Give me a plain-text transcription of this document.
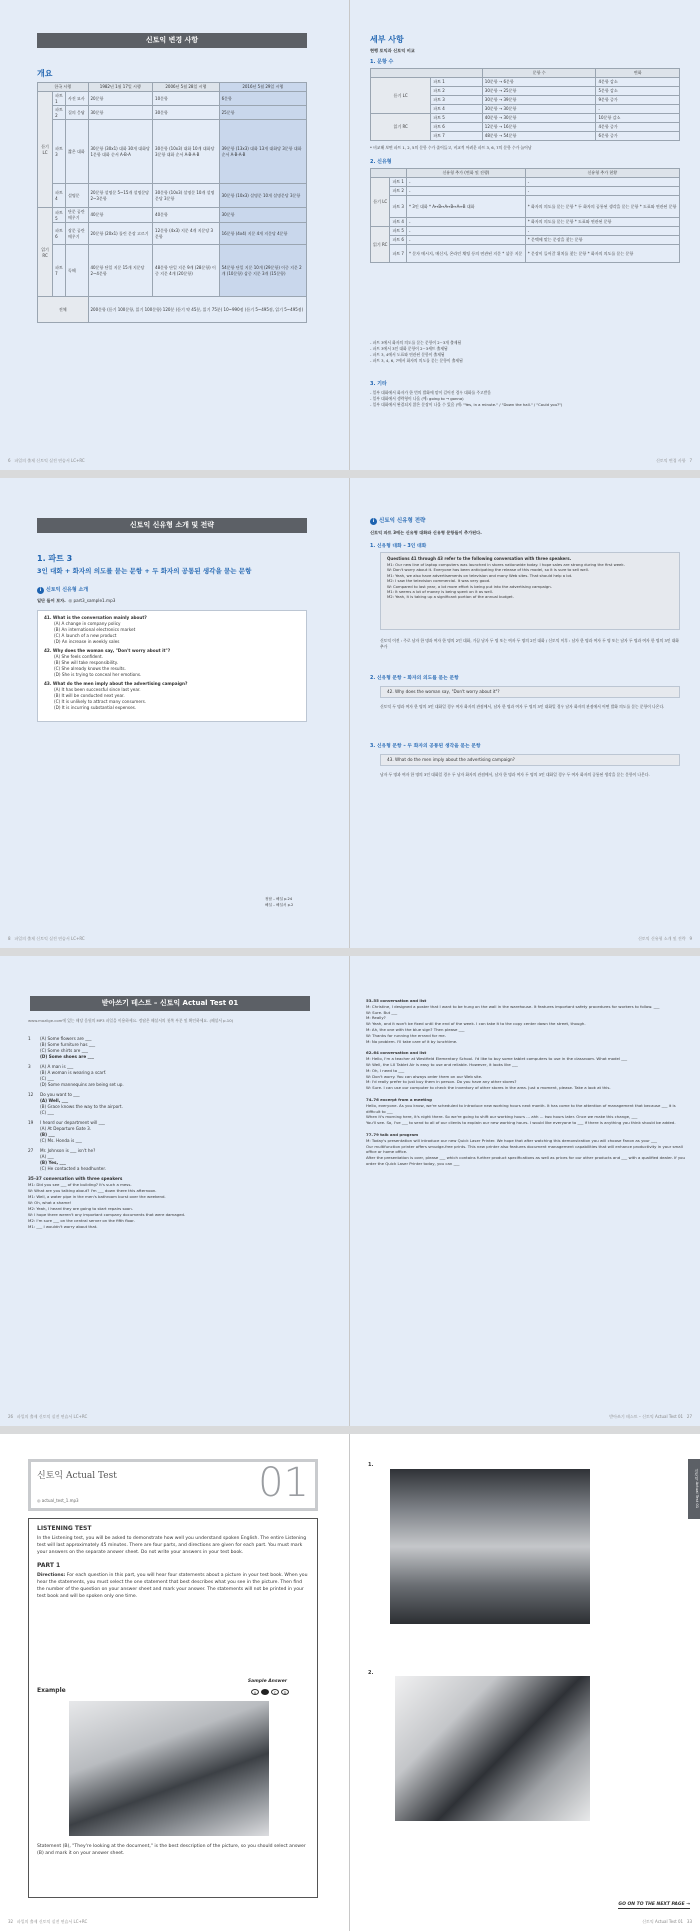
신토익 변경 사항
개요
한국 시행			1982년 1월 17일 시행	2006년 5월 28일 시행	2016년 5월 29일 시행
듣기 LC	파트 1	사진 묘사	20문항	10문항	6문항
	파트 2	질의 응답	30문항	30문항	25문항
	파트 3	짧은 대화	30문항 (30x1) 대화 30개 대화당 1문항 대화 순서 A-B-A	30문항 (10x3) 대화 10개 대화당 3문항 대화 순서 A-B-A-B	39문항 (13x3) 대화 13개 대화당 3문항 대화 순서 A-B-A-B
	파트 4	설명문	20문항 설명문 5~15개 설명문당 2~3문항	30문항 (10x3) 설명문 10개 설명문당 3문항	30문항 (10x3) 설명문 10개 설명문당 3문항

읽기 RC	파트 5	단문 공란 메우기	40문항	40문항	30문항
	파트 6	장문 공란 메우기	20문항 (20x1) 틀린 문장 고르기	12문항 (4x3) 지문 4개 지문당 3문항	16문항 (4x4) 지문 4개 지문당 4문항
	파트 7	독해	40문항 단일 지문 15개 지문당 2~4문항	48문항 단일 지문 9개 (28문항) 이중 지문 4개 (20문항)	54문항 단일 지문 10개 (29문항) 이중 지문 2개 (10문항) 삼중 지문 3개 (15문항)
전체			200문항 (듣기 100문항, 읽기 100문항) 120분 (듣기 약 45분, 읽기 75분) 10~990점 (듣기 5~495점, 읽기 5~495점)		
6 파일의 출제 신토익 실전 연습서 LC+RC
세부 사항
현행 토익과 신토익 비교
1. 문항 수
		문항 수	변화
듣기 LC	파트 1	10문항 → 6문항	4문항 감소
	파트 2	30문항 → 25문항	5문항 감소
	파트 3	30문항 → 39문항	9문항 증가
	파트 4	30문항 → 30문항	-
읽기 RC	파트 5	40문항 → 30문항	10문항 감소
	파트 6	12문항 → 16문항	4문항 증가
	파트 7	48문항 → 54문항	6문항 증가
* 비교해 보면 파트 1, 2, 5의 문항 수가 줄어들고, 비교적 어려운 파트 3, 6, 7의 문항 수가 늘어남
2. 신유형
		신유형 추가 (변화 및 진행)	신유형 추가 현황
듣기 LC	파트 1	-	-
	파트 2	-	-
	파트 3	* 3인 대화 * A↔B↔A↔B↔A↔B 대화	* 화자의 의도를 묻는 문항 * 두 화자의 공통된 생각을 묻는 문항 * 도표와 연관된 문항
	파트 4	-	* 화자의 의도를 묻는 문항 * 도표와 연관된 문항
읽기 RC	파트 5	-	-
	파트 6	-	* 문맥에 맞는 문장을 찾는 문항
	파트 7	* 문자 메시지, 메신저, 온라인 채팅 등의 연관된 지문 * 삼중 지문	* 문장이 들어갈 위치를 찾는 문항 * 화자의 의도를 묻는 문항
- 파트 3에서 화자의 의도를 묻는 문항이 2~3개 출제됨
- 파트 3에서 3인 대화 문항이 2~3세트 출제됨
- 파트 3, 4에서 도표와 연관된 문항이 출제됨
- 파트 3, 4, 6, 7에서 화자의 의도를 묻는 문항이 출제됨
3. 기타
- 일부 대화에서 화자가 한 번의 발화에 말이 길어진 경우 대화를 주고받음
- 일부 대화에서 생략형이 나옴 (예: going to → gonna)
- 일부 대화에서 완결되지 않은 문장이 나올 수 있음 (예: "Yes, in a minute." / "Down the hall." / "Could you?")
신토익 변경 사항 7
신토익 신유형 소개 및 전략
1. 파트 3
3인 대화 + 화자의 의도를 묻는 문항 + 두 화자의 공통된 생각을 묻는 문항
i 신토익 신유형 소개
일단 들어 보자. ◎ part3_sample1.mp3
41. What is the conversation mainly about?
(A) A change in company policy
(B) An international electronics market
(C) A launch of a new product
(D) An increase in weekly sales
42. Why does the woman say, "Don't worry about it"?
(A) She feels confident.
(B) She will take responsibility.
(C) She already knows the results.
(D) She is trying to conceal her emotions.
43. What do the men imply about the advertising campaign?
(A) It has been successful since last year.
(B) It will be conducted next year.
(C) It is unlikely to attract many consumers.
(D) It is incurring substantial expenses.
정답 – 해설 p.24
해설 – 해설서 p.2
8 파일의 출제 신토익 실전 연습서 LC+RC
i 신토익 신유형 전략
신토익 파트 3에는 신유형 대화와 신유형 문항들이 추가된다.
1. 신유형 대화 – 3인 대화
Questions 41 through 43 refer to the following conversation with three speakers.
M1: Our new line of laptop computers was launched in stores nationwide today. I hope sales are strong during the first week.
W: Don't worry about it. Everyone has been anticipating the release of this model, so it is sure to sell well.
M1: Yeah, we also have advertisements on television and many Web sites. That should help a lot.
M2: I saw the television commercial. It was very good.
W: Compared to last year, a lot more effort is being put into the advertising campaign.
M1: It seems a lot of money is being spent on it as well.
M2: Yeah, it is taking up a significant portion of the annual budget.
신토익 이전 : 주로 남자 한 명과 여자 한 명의 2인 대화, 가끔 남자 두 명 또는 여자 두 명의 2인 대화 / 신토익 이후 : 남자 한 명과 여자 두 명 또는 남자 두 명과 여자 한 명의 3인 대화 추가
2. 신유형 문항 – 화자의 의도를 묻는 문항
42. Why does the woman say, "Don't worry about it"?
신토익 두 명과 여자 한 명의 3인 대화일 경우 여자 화자의 관점에서, 남자 한 명과 여자 두 명의 3인 대화일 경우 남자 화자의 관점에서 어떤 발화 의도를 묻는 문항이 나온다.
3. 신유형 문항 – 두 화자의 공통된 생각을 묻는 문항
43. What do the men imply about the advertising campaign?
남자 두 명과 여자 한 명의 3인 대화일 경우 두 남자 화자의 관점에서, 남자 한 명과 여자 두 명의 3인 대화일 경우 두 여자 화자의 공통된 생각을 묻는 문항이 나온다.
신토익 신유형 소개 및 전략 9
받아쓰기 테스트 – 신토익 Actual Test 01
www.mozilge.com에 있는 해당 음원의 MP3 파일을 이용하세요. 정답은 해설서의 첫쪽 부분 및 확인하세요. (해설서 p.10)
1	(A) Some flowers are ___
(B) Some furniture has ___
(C) Some shirts are ___
(D) Some shoes are ___
3	(A) A man is ___
(B) A woman is wearing a scarf.
(C) ___
(D) Some mannequins are being set up.
12	Do you want to ___
(A) Well, ___
(B) Grace knows the way to the airport.
(C) ___
19	I heard our department will ___
(A) At Departure Gate 3.
(B) ___
(C) Ms. Honda is ___
27	Mr. Johnson is ___ isn't he?
(A) ___
(B) Yes, ___
(C) He contacted a headhunter.
35–37 conversation with three speakers
M1: Did you see ___ of the building? It's such a mess.
W: What are you talking about? I'm ___ down there this afternoon.
M1: Well, a water pipe in the men's bathroom burst over the weekend.
W: Oh, what a shame!
M2: Yeah, I heard they are going to start repairs soon.
W: I hope there weren't any important company documents that were damaged.
M2: I'm sure ___ on the central server on the fifth floor.
M1: ___ I wouldn't worry about that.
26 파일의 출제 신토익 실전 연습서 LC+RC
53–55 conversation and list
M: Christine, I designed a poster that I want to be hung on the wall in the warehouse. It features important safety procedures for workers to follow. ___
W: Sure. But ___
M: Really?
W: Yeah, and it won't be fixed until the end of the week. I can take it to the copy center down the street, though.
M: Ah, the one with the blue sign? Then please ___
W: Thanks for running the errand for me.
M: No problem. I'll take care of it by lunchtime.
62–64 conversation and list
M: Hello, I'm a teacher at Westfield Elementary School. I'd like to buy some tablet computers to use in the classroom. What model ___
W: Well, the LX Tablet Air is easy to use and reliable. However, it looks like ___
M: Oh, I need to ___
W: Don't worry. You can always order them on our Web site.
M: I'd really prefer to just buy them in person. Do you have any other stores?
W: Sure. I can use our computer to check the inventory of other stores in the area. Just a moment, please. Take a look at this.
74–76 excerpt from a meeting
Hello, everyone. As you know, we're scheduled to introduce new working hours next month. It has come to the attention of management that because ___ it is difficult to ___
When it's morning here, it's night there. So we're going to shift our working hours ... ahh ... two hours later. Once we make this change, ___
You'll see. So, I've ___ to send to all of our clients to explain our new working hours. I would like everyone to ___ if there is anything you think should be added.
77–79 talk and program
M: Today's presentation will introduce our new Quick Laser Printer. We hope that after watching this demonstration you will choose Fanon as your ___
Our multifunction printer offers smudge-free prints. This new printer also features document management capabilities that will enhance productivity in your small office or home office.
After the presentation is over, please ___ which contains further product specifications as well as prices for our other products and ___ with a qualified dealer. If you order the Quick Laser Printer today, you can ___
받아쓰기 테스트 – 신토익 Actual Test 01 27
신토익 Actual Test
◎ actual_test_1.mp3	01
LISTENING TEST
In the Listening test, you will be asked to demonstrate how well you understand spoken English. The entire Listening test will last approximately 45 minutes. There are four parts, and directions are given for each part. You must mark your answers on the separate answer sheet. Do not write your answers in your test book.
PART 1
Directions: For each question in this part, you will hear four statements about a picture in your test book. When you hear the statements, you must select the one statement that best describes what you see in the picture. Then find the number of the question on your answer sheet and mark your answer. The statements will not be printed in your test book and will be spoken only one time.
Sample Answer
A	C	D
Example
Statement (B), "They're looking at the document," is the best description of the picture, so you should select answer (B) and mark it on your answer sheet.
32 파일의 출제 신토익 실전 연습서 LC+RC
신토익 Actual Test 01
1.
2.
GO ON TO THE NEXT PAGE →
신토익 Actual Test 01 33
